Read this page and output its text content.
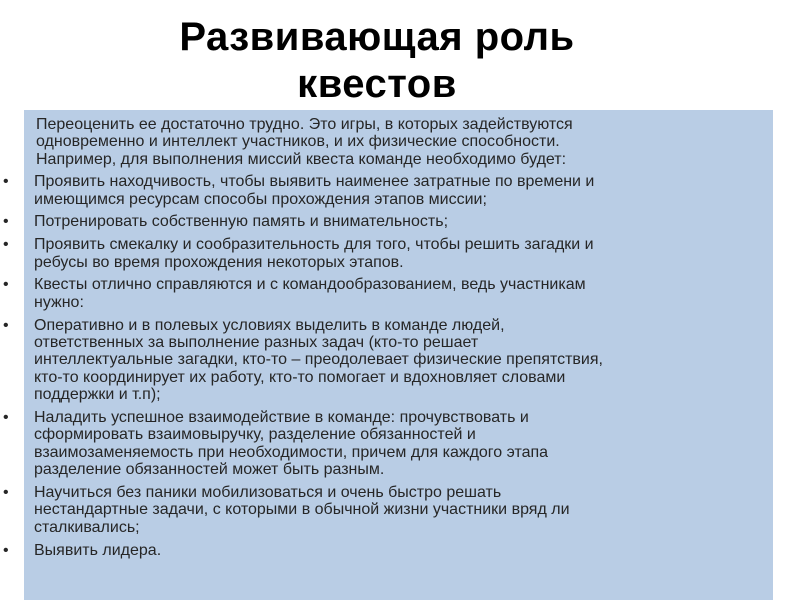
Развивающая роль
квестов
Переоценить ее достаточно трудно. Это игры, в которых задействуются
одновременно и интеллект участников, и их физические способности.
Например, для выполнения миссий квеста команде необходимо будет:
• Проявить находчивость, чтобы выявить наименее затратные по времени и
имеющимся ресурсам способы прохождения этапов миссии;
• Потренировать собственную память и внимательность;
• Проявить смекалку и сообразительность для того, чтобы решить загадки и
ребусы во время прохождения некоторых этапов.
• Квесты отлично справляются и с командообразованием, ведь участникам
нужно:
• Оперативно и в полевых условиях выделить в команде людей,
ответственных за выполнение разных задач (кто-то решает
интеллектуальные загадки, кто-то – преодолевает физические препятствия,
кто-то координирует их работу, кто-то помогает и вдохновляет словами
поддержки и т.п);
• Наладить успешное взаимодействие в команде: прочувствовать и
сформировать взаимовыручку, разделение обязанностей и
взаимозаменяемость при необходимости, причем для каждого этапа
разделение обязанностей может быть разным.
• Научиться без паники мобилизоваться и очень быстро решать
нестандартные задачи, с которыми в обычной жизни участники вряд ли
сталкивались;
• Выявить лидера.
